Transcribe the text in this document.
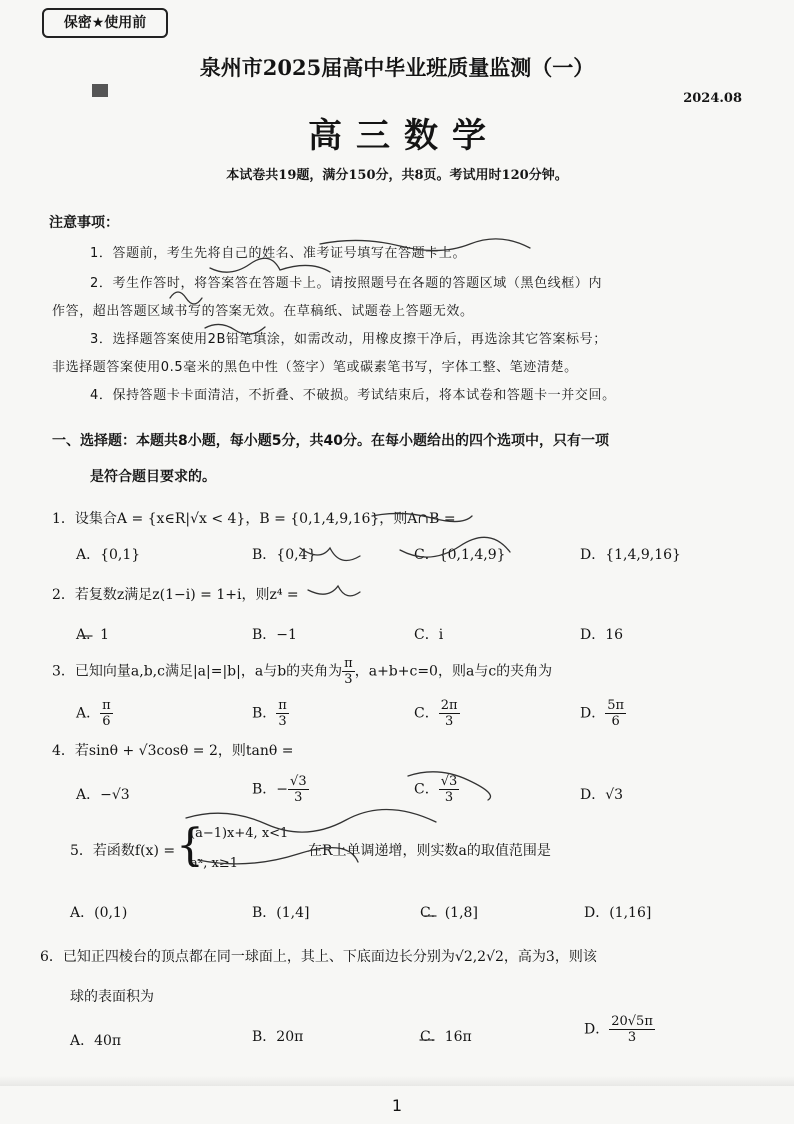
保密★使用前
泉州市2025届高中毕业班质量监测（一）
2024.08
高三数学
本试卷共19题，满分150分，共8页。考试用时120分钟。
注意事项：
1．答题前，考生先将自己的姓名、准考证号填写在答题卡上。
2．考生作答时，将答案答在答题卡上。请按照题号在各题的答题区域（黑色线框）内
作答，超出答题区域书写的答案无效。在草稿纸、试题卷上答题无效。
3．选择题答案使用2B铅笔填涂，如需改动，用橡皮擦干净后，再选涂其它答案标号；
非选择题答案使用0.5毫米的黑色中性（签字）笔或碳素笔书写，字体工整、笔迹清楚。
4．保持答题卡卡面清洁，不折叠、不破损。考试结束后，将本试卷和答题卡一并交回。
一、选择题：本题共8小题，每小题5分，共40分。在每小题给出的四个选项中，只有一项
是符合题目要求的。
1．设集合A = {x∈R|√x < 4}，B = {0,1,4,9,16}，则A∩B =
A．{0,1}	B．{0,4}	C．{0,1,4,9}	D．{1,4,9,16}
2．若复数z满足z(1−i) = 1+i，则z⁴ =
A．1	B．−1	C．i	D．16
3．已知向量a,b,c满足|a|=|b|，a与b的夹角为 $\frac{\pi}{3}$ ，a+b+c=0，则a与c的夹角为
A． $\frac{\pi}{6}$	B． $\frac{\pi}{3}$	C． $\frac{2\pi}{3}$	D． $\frac{5\pi}{6}$
4．若sinθ + √3cosθ = 2，则tanθ =
A．−√3	B．− $\frac{√3}{3}$	C． $\frac{√3}{3}$	D．√3
5．若函数f(x) = {
(a−1)x+4, x<1
aˣ, x≥1
在R上单调递增，则实数a的取值范围是
A．(0,1)	B．(1,4]	C．(1,8]	D．(1,16]
6．已知正四棱台的顶点都在同一球面上，其上、下底面边长分别为√2,2√2，高为3，则该
球的表面积为
A．40π	B．20π	C．16π	D． $\frac{20√5\pi}{3}$
1
